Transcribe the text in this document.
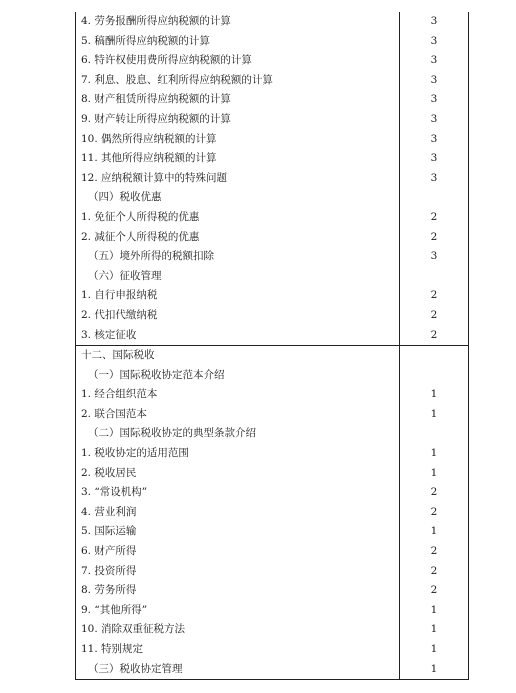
4. 劳务报酬所得应纳税额的计算	3
5. 稿酬所得应纳税额的计算	3
6. 特许权使用费所得应纳税额的计算	3
7. 利息、股息、红利所得应纳税额的计算	3
8. 财产租赁所得应纳税额的计算	3
9. 财产转让所得应纳税额的计算	3
10. 偶然所得应纳税额的计算	3
11. 其他所得应纳税额的计算	3
12. 应纳税额计算中的特殊问题	3
（四）税收优惠	
1. 免征个人所得税的优惠	2
2. 减征个人所得税的优惠	2
（五）境外所得的税额扣除	3
（六）征收管理	
1. 自行申报纳税	2
2. 代扣代缴纳税	2
3. 核定征收	2
十二、国际税收	
（一）国际税收协定范本介绍	
1. 经合组织范本	1
2. 联合国范本	1
（二）国际税收协定的典型条款介绍	
1. 税收协定的适用范围	1
2. 税收居民	1
3. “常设机构”	2
4. 营业利润	2
5. 国际运输	1
6. 财产所得	2
7. 投资所得	2
8. 劳务所得	2
9. “其他所得”	1
10. 消除双重征税方法	1
11. 特别规定	1
（三）税收协定管理	1
